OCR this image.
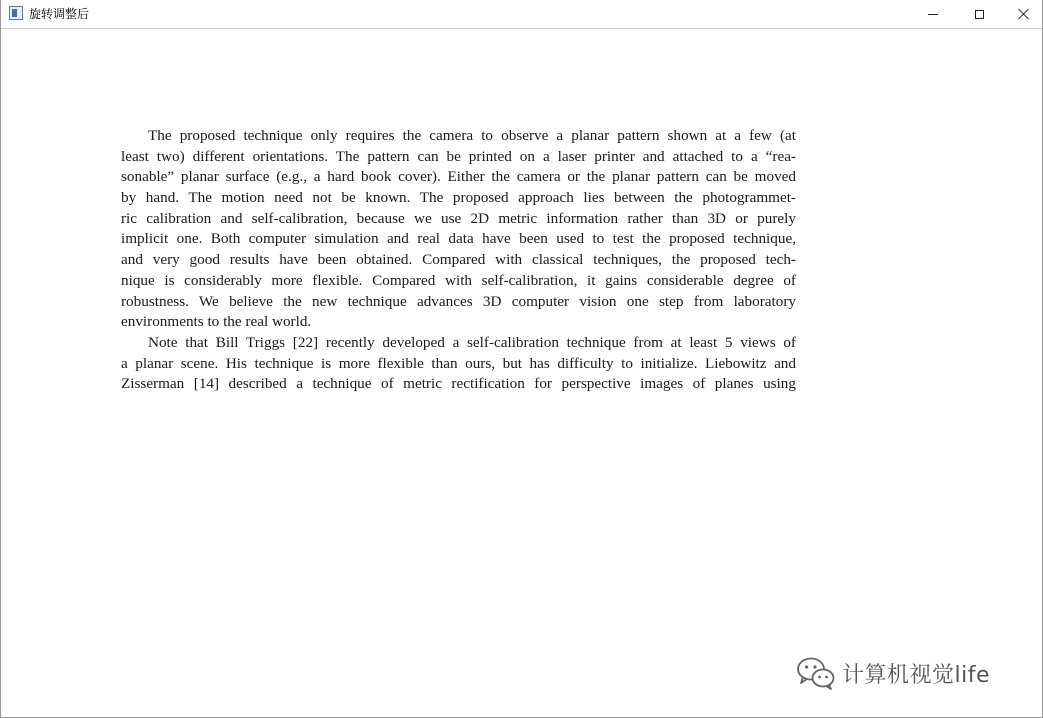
旋转调整后
The proposed technique only requires the camera to observe a planar pattern shown at a few (at
least two) different orientations. The pattern can be printed on a laser printer and attached to a “rea-
sonable” planar surface (e.g., a hard book cover). Either the camera or the planar pattern can be moved
by hand. The motion need not be known. The proposed approach lies between the photogrammet-
ric calibration and self-calibration, because we use 2D metric information rather than 3D or purely
implicit one. Both computer simulation and real data have been used to test the proposed technique,
and very good results have been obtained. Compared with classical techniques, the proposed tech-
nique is considerably more flexible. Compared with self-calibration, it gains considerable degree of
robustness. We believe the new technique advances 3D computer vision one step from laboratory
environments to the real world.
Note that Bill Triggs [22] recently developed a self-calibration technique from at least 5 views of
a planar scene. His technique is more flexible than ours, but has difficulty to initialize. Liebowitz and
Zisserman [14] described a technique of metric rectification for perspective images of planes using
计算机视觉life
